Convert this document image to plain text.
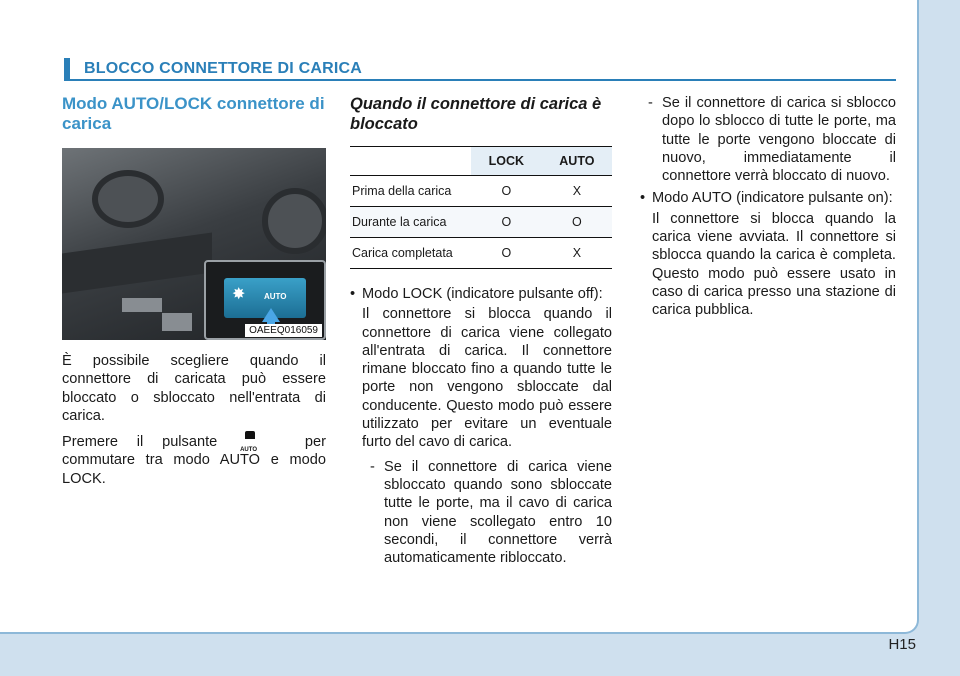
BLOCCO CONNETTORE DI CARICA
Modo AUTO/LOCK connettore di carica
✸ AUTO
OAEEQ016059

È possibile scegliere quando il connettore di caricata può essere bloccato o sbloccato nell'entrata di carica.

Premere il pulsante	AUTO	per commutare tra modo AUTO e modo LOCK.

Quando il connettore di carica è bloccato
	LOCK	AUTO
Prima della carica	O	X
Durante la carica	O	O
Carica completata	O	X
• Modo LOCK (indicatore pulsante off):

Il connettore si blocca quando il connettore di carica viene collegato all'entrata di carica. Il connettore rimane bloccato fino a quando tutte le porte non vengono sbloccate dal conducente. Questo modo può essere utilizzato per evitare un eventuale furto del cavo di carica.

- Se il connettore di carica viene sbloccato quando sono sbloccate tutte le porte, ma il cavo di carica non viene scollegato entro 10 secondi, il connettore verrà automaticamente ribloccato.

- Se il connettore di carica si sblocco dopo lo sblocco di tutte le porte, ma tutte le porte vengono bloccate di nuovo, immediatamente il connettore verrà bloccato di nuovo.

• Modo AUTO (indicatore pulsante on):

Il connettore si blocca quando la carica viene avviata. Il connettore si sblocca quando la carica è completa. Questo modo può essere usato in caso di carica presso una stazione di carica pubblica.

H15
